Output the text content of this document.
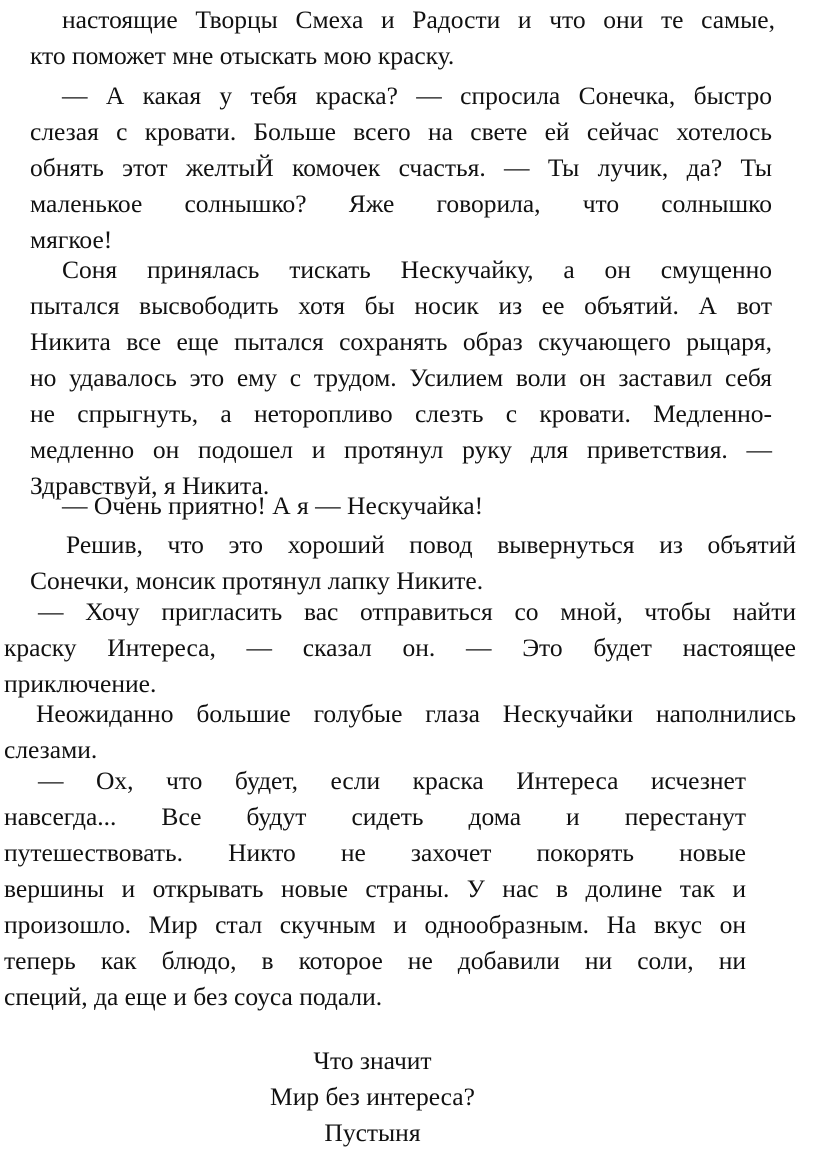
настоящие Творцы Смеха и Радости и что они те самые,
кто поможет мне отыскать мою краску.
— А какая у тебя краска? — спросила Сонечка, быстро
слезая с кровати. Больше всего на свете ей сейчас хотелось
обнять этот желтыЙ комочек счастья. — Ты лучик, да? Ты
маленькое солнышко? Яже говорила, что солнышко
мягкое!
Соня принялась тискать Нескучайку, а он смущенно
пытался высвободить хотя бы носик из ее объятий. А вот
Никита все еще пытался сохранять образ скучающего рыцаря,
но удавалось это ему с трудом. Усилием воли он заставил себя
не спрыгнуть, а неторопливо слезть с кровати. Медленно-
медленно он подошел и протянул руку для приветствия. —
Здравствуй, я Никита.
— Очень приятно! А я — Нескучайка!
Решив, что это хороший повод вывернуться из объятий
Сонечки, монсик протянул лапку Никите.
— Хочу пригласить вас отправиться со мной, чтобы найти
краску Интереса, — сказал он. — Это будет настоящее
приключение.
Неожиданно большие голубые глаза Нескучайки наполнились
слезами.
— Ох, что будет, если краска Интереса исчезнет
навсегда... Все будут сидеть дома и перестанут
путешествовать. Никто не захочет покорять новые
вершины и открывать новые страны. У нас в долине так и
произошло. Мир стал скучным и однообразным. На вкус он
теперь как блюдо, в которое не добавили ни соли, ни
специй, да еще и без соуса подали.
Что значит
Мир без интереса?
Пустыня
